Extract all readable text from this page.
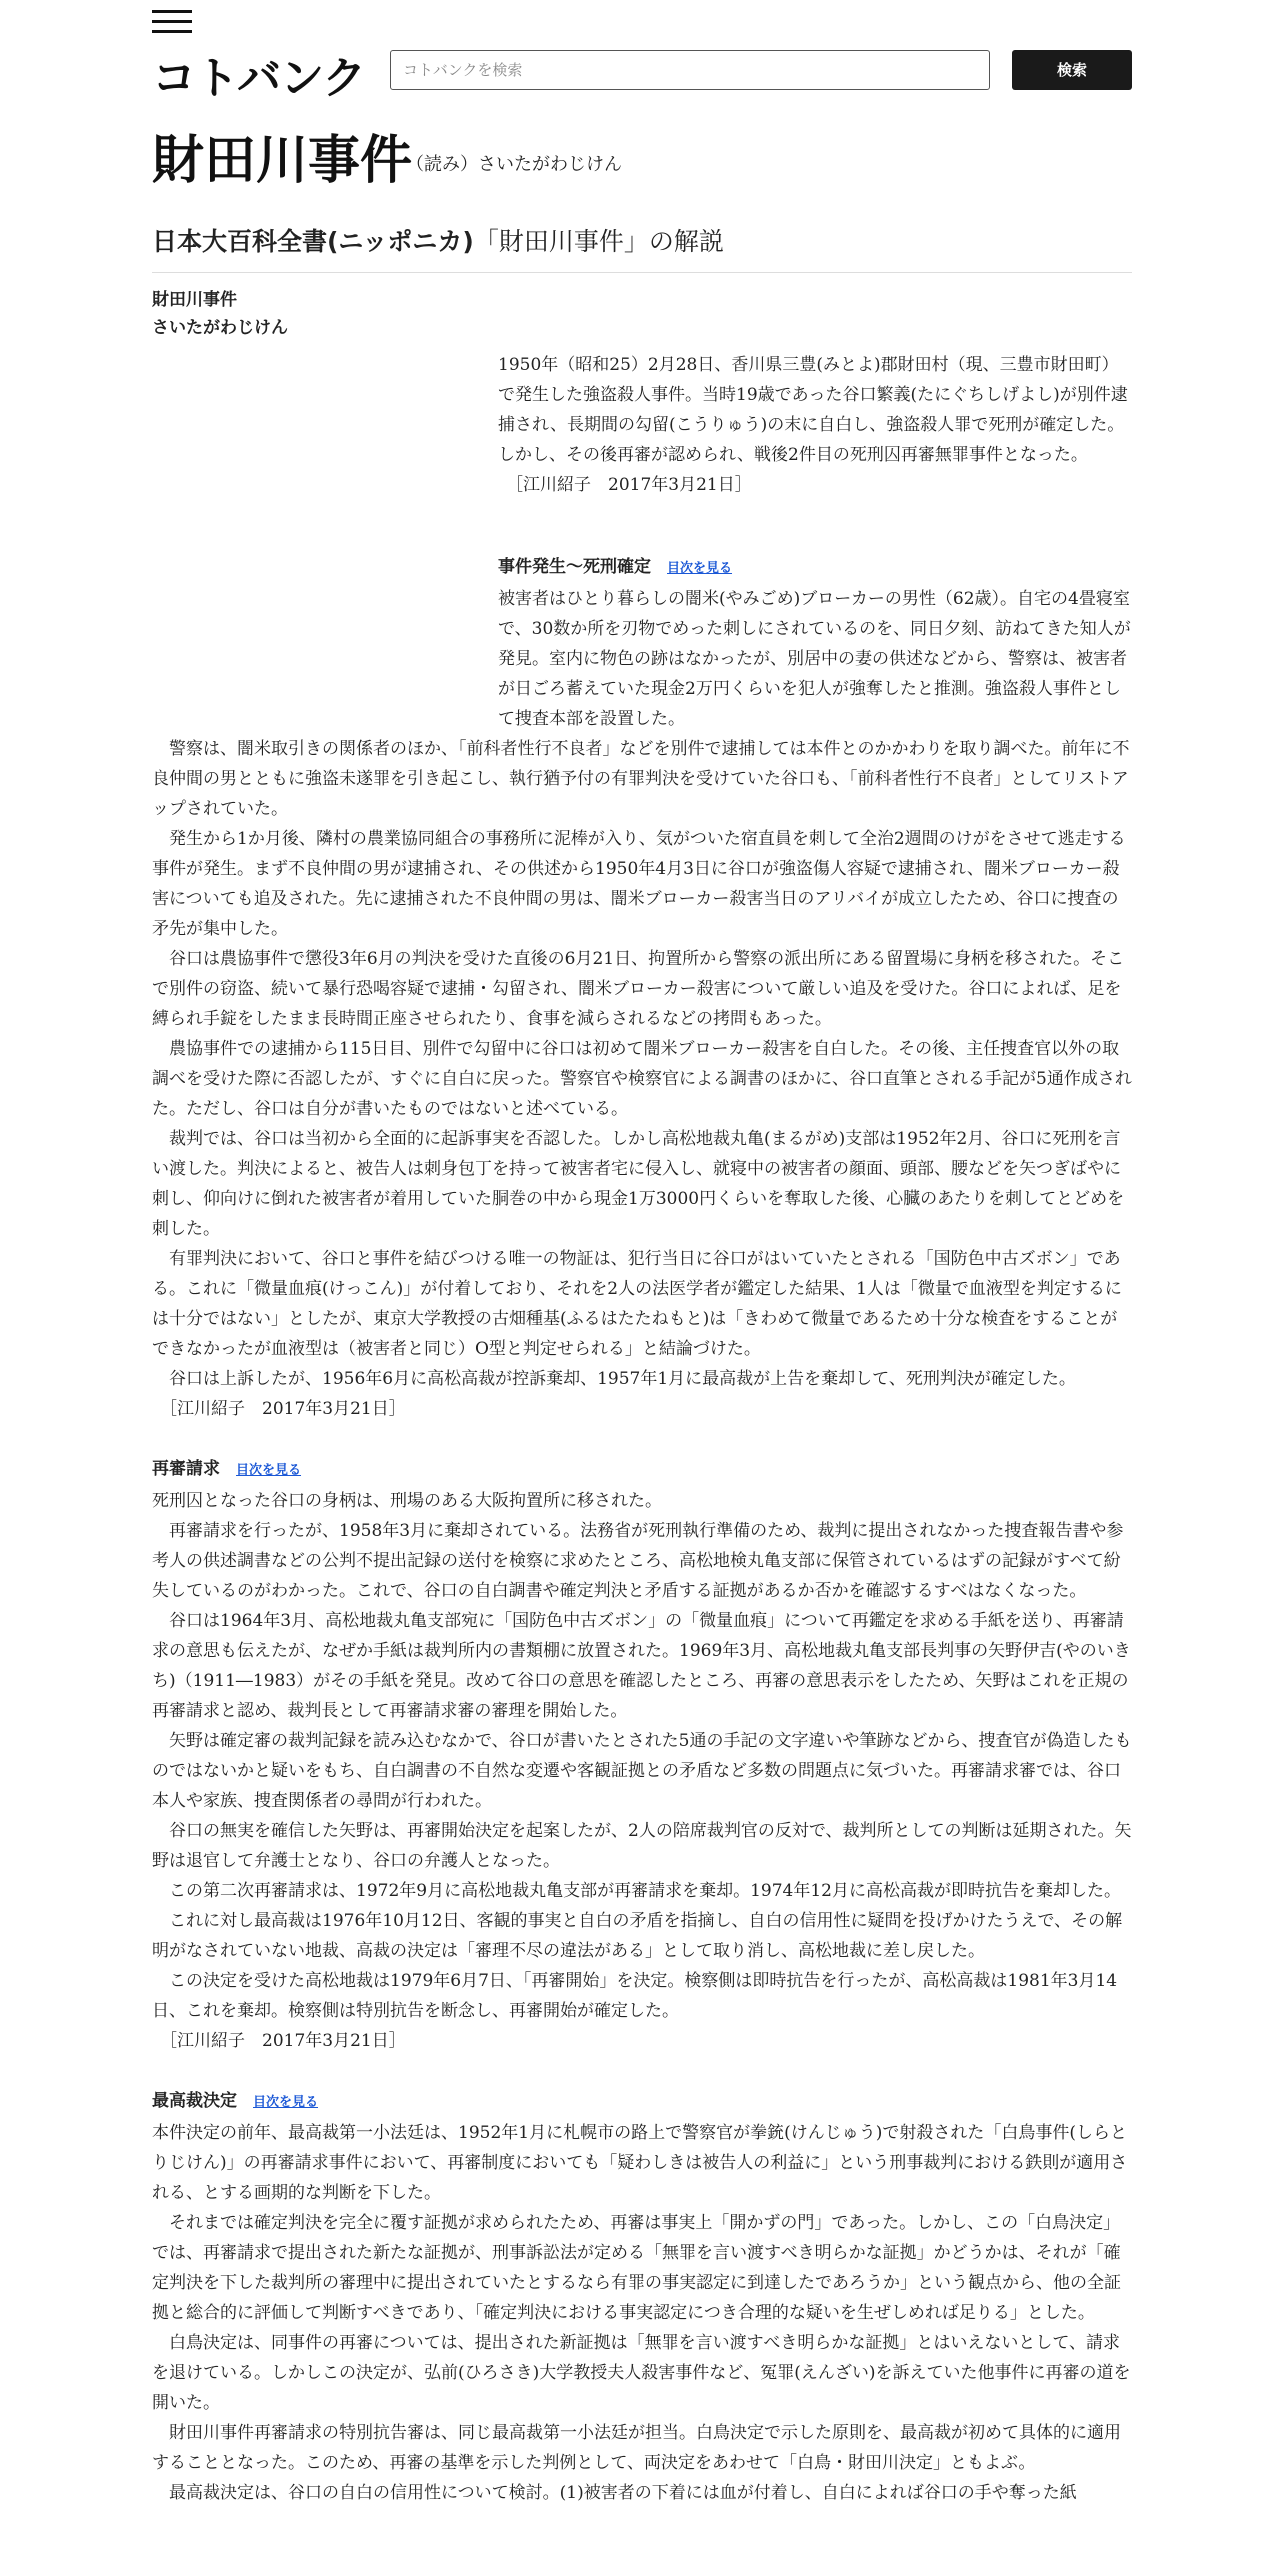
コトバンク	コトバンクを検索	検索
財田川事件
（読み）さいたがわじけん
日本大百科全書(ニッポニカ)「財田川事件」の解説
財田川事件
さいたがわじけん

1950年（昭和25）2月28日、香川県三豊(みとよ)郡財田村（現、三豊市財田町）で発生した強盗殺人事件。当時19歳であった谷口繁義(たにぐちしげよし)が別件逮捕され、長期間の勾留(こうりゅう)の末に自白し、強盗殺人罪で死刑が確定した。しかし、その後再審が認められ、戦後2件目の死刑囚再審無罪事件となった。

［江川紹子　2017年3月21日］
事件発生～死刑確定 目次を見る

被害者はひとり暮らしの闇米(やみごめ)ブローカーの男性（62歳）。自宅の4畳寝室で、30数か所を刃物でめった刺しにされているのを、同日夕刻、訪ねてきた知人が発見。室内に物色の跡はなかったが、別居中の妻の供述などから、警察は、被害者が日ごろ蓄えていた現金2万円くらいを犯人が強奪したと推測。強盗殺人事件として捜査本部を設置した。

警察は、闇米取引きの関係者のほか、「前科者性行不良者」などを別件で逮捕しては本件とのかかわりを取り調べた。前年に不良仲間の男とともに強盗未遂罪を引き起こし、執行猶予付の有罪判決を受けていた谷口も、「前科者性行不良者」としてリストアップされていた。

発生から1か月後、隣村の農業協同組合の事務所に泥棒が入り、気がついた宿直員を刺して全治2週間のけがをさせて逃走する事件が発生。まず不良仲間の男が逮捕され、その供述から1950年4月3日に谷口が強盗傷人容疑で逮捕され、闇米ブローカー殺害についても追及された。先に逮捕された不良仲間の男は、闇米ブローカー殺害当日のアリバイが成立したため、谷口に捜査の矛先が集中した。

谷口は農協事件で懲役3年6月の判決を受けた直後の6月21日、拘置所から警察の派出所にある留置場に身柄を移された。そこで別件の窃盗、続いて暴行恐喝容疑で逮捕・勾留され、闇米ブローカー殺害について厳しい追及を受けた。谷口によれば、足を縛られ手錠をしたまま長時間正座させられたり、食事を減らされるなどの拷問もあった。

農協事件での逮捕から115日目、別件で勾留中に谷口は初めて闇米ブローカー殺害を自白した。その後、主任捜査官以外の取調べを受けた際に否認したが、すぐに自白に戻った。警察官や検察官による調書のほかに、谷口直筆とされる手記が5通作成された。ただし、谷口は自分が書いたものではないと述べている。

裁判では、谷口は当初から全面的に起訴事実を否認した。しかし高松地裁丸亀(まるがめ)支部は1952年2月、谷口に死刑を言い渡した。判決によると、被告人は刺身包丁を持って被害者宅に侵入し、就寝中の被害者の顔面、頭部、腰などを矢つぎばやに刺し、仰向けに倒れた被害者が着用していた胴巻の中から現金1万3000円くらいを奪取した後、心臓のあたりを刺してとどめを刺した。

有罪判決において、谷口と事件を結びつける唯一の物証は、犯行当日に谷口がはいていたとされる「国防色中古ズボン」である。これに「微量血痕(けっこん)」が付着しており、それを2人の法医学者が鑑定した結果、1人は「微量で血液型を判定するには十分ではない」としたが、東京大学教授の古畑種基(ふるはたたねもと)は「きわめて微量であるため十分な検査をすることができなかったが血液型は（被害者と同じ）O型と判定せられる」と結論づけた。

谷口は上訴したが、1956年6月に高松高裁が控訴棄却、1957年1月に最高裁が上告を棄却して、死刑判決が確定した。

［江川紹子　2017年3月21日］
再審請求 目次を見る

死刑囚となった谷口の身柄は、刑場のある大阪拘置所に移された。

再審請求を行ったが、1958年3月に棄却されている。法務省が死刑執行準備のため、裁判に提出されなかった捜査報告書や参考人の供述調書などの公判不提出記録の送付を検察に求めたところ、高松地検丸亀支部に保管されているはずの記録がすべて紛失しているのがわかった。これで、谷口の自白調書や確定判決と矛盾する証拠があるか否かを確認するすべはなくなった。

谷口は1964年3月、高松地裁丸亀支部宛に「国防色中古ズボン」の「微量血痕」について再鑑定を求める手紙を送り、再審請求の意思も伝えたが、なぜか手紙は裁判所内の書類棚に放置された。1969年3月、高松地裁丸亀支部長判事の矢野伊吉(やのいきち)（1911―1983）がその手紙を発見。改めて谷口の意思を確認したところ、再審の意思表示をしたため、矢野はこれを正規の再審請求と認め、裁判長として再審請求審の審理を開始した。

矢野は確定審の裁判記録を読み込むなかで、谷口が書いたとされた5通の手記の文字違いや筆跡などから、捜査官が偽造したものではないかと疑いをもち、自白調書の不自然な変遷や客観証拠との矛盾など多数の問題点に気づいた。再審請求審では、谷口本人や家族、捜査関係者の尋問が行われた。

谷口の無実を確信した矢野は、再審開始決定を起案したが、2人の陪席裁判官の反対で、裁判所としての判断は延期された。矢野は退官して弁護士となり、谷口の弁護人となった。

この第二次再審請求は、1972年9月に高松地裁丸亀支部が再審請求を棄却。1974年12月に高松高裁が即時抗告を棄却した。

これに対し最高裁は1976年10月12日、客観的事実と自白の矛盾を指摘し、自白の信用性に疑問を投げかけたうえで、その解明がなされていない地裁、高裁の決定は「審理不尽の違法がある」として取り消し、高松地裁に差し戻した。

この決定を受けた高松地裁は1979年6月7日、「再審開始」を決定。検察側は即時抗告を行ったが、高松高裁は1981年3月14日、これを棄却。検察側は特別抗告を断念し、再審開始が確定した。

［江川紹子　2017年3月21日］
最高裁決定 目次を見る

本件決定の前年、最高裁第一小法廷は、1952年1月に札幌市の路上で警察官が拳銃(けんじゅう)で射殺された「白鳥事件(しらとりじけん)」の再審請求事件において、再審制度においても「疑わしきは被告人の利益に」という刑事裁判における鉄則が適用される、とする画期的な判断を下した。

それまでは確定判決を完全に覆す証拠が求められたため、再審は事実上「開かずの門」であった。しかし、この「白鳥決定」では、再審請求で提出された新たな証拠が、刑事訴訟法が定める「無罪を言い渡すべき明らかな証拠」かどうかは、それが「確定判決を下した裁判所の審理中に提出されていたとするなら有罪の事実認定に到達したであろうか」という観点から、他の全証拠と総合的に評価して判断すべきであり、「確定判決における事実認定につき合理的な疑いを生ぜしめれば足りる」とした。

白鳥決定は、同事件の再審については、提出された新証拠は「無罪を言い渡すべき明らかな証拠」とはいえないとして、請求を退けている。しかしこの決定が、弘前(ひろさき)大学教授夫人殺害事件など、冤罪(えんざい)を訴えていた他事件に再審の道を開いた。

財田川事件再審請求の特別抗告審は、同じ最高裁第一小法廷が担当。白鳥決定で示した原則を、最高裁が初めて具体的に適用することとなった。このため、再審の基準を示した判例として、両決定をあわせて「白鳥・財田川決定」ともよぶ。

最高裁決定は、谷口の自白の信用性について検討。(1)被害者の下着には血が付着し、自白によれば谷口の手や奪った紙
